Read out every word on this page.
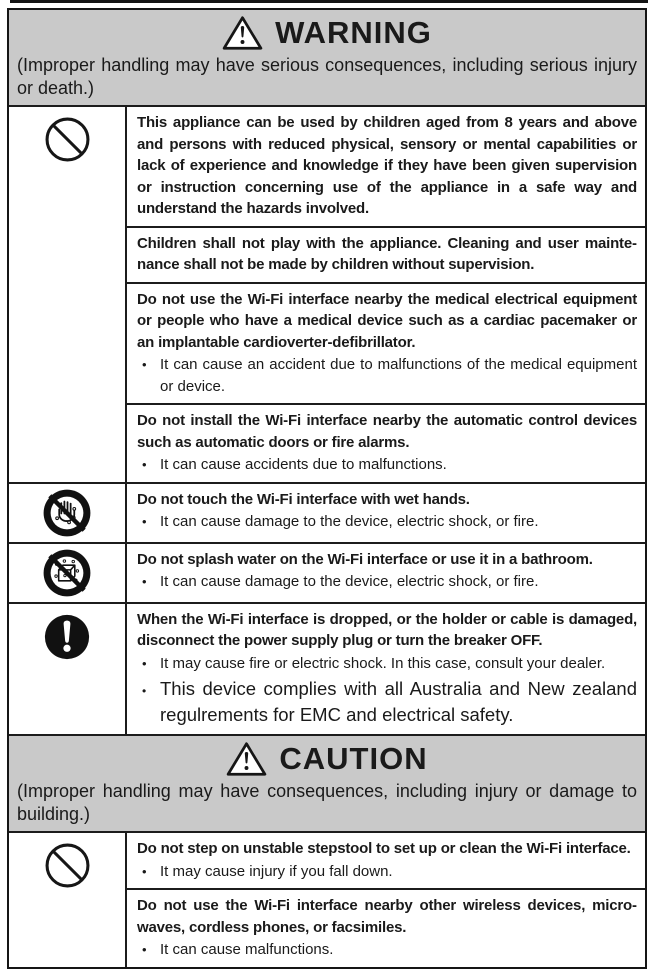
WARNING

(Improper handling may have serious consequences, including serious injury or death.)

This appliance can be used by children aged from 8 years and above and persons with reduced physical, sensory or mental capabilities or lack of experience and knowledge if they have been given supervision or instruction concerning use of the appliance in a safe way and understand the hazards involved.

Children shall not play with the appliance. Cleaning and user maintenance shall not be made by children without supervision.

Do not use the Wi-Fi interface nearby the medical electrical equipment or people who have a medical device such as a cardiac pacemaker or an implantable cardioverter-defibrillator.

• It can cause an accident due to malfunctions of the medical equipment or device.

Do not install the Wi-Fi interface nearby the automatic control devices such as automatic doors or fire alarms.

• It can cause accidents due to malfunctions.

Do not touch the Wi-Fi interface with wet hands.

• It can cause damage to the device, electric shock, or fire.

Do not splash water on the Wi-Fi interface or use it in a bathroom.

• It can cause damage to the device, electric shock, or fire.

When the Wi-Fi interface is dropped, or the holder or cable is damaged, disconnect the power supply plug or turn the breaker OFF.

• It may cause fire or electric shock. In this case, consult your dealer.
• This device complies with all Australia and New zealand regulrements for EMC and electrical safety.
CAUTION

(Improper handling may have consequences, including injury or damage to building.)

Do not step on unstable stepstool to set up or clean the Wi-Fi interface.

• It may cause injury if you fall down.

Do not use the Wi-Fi interface nearby other wireless devices, microwaves, cordless phones, or facsimiles.

• It can cause malfunctions.
